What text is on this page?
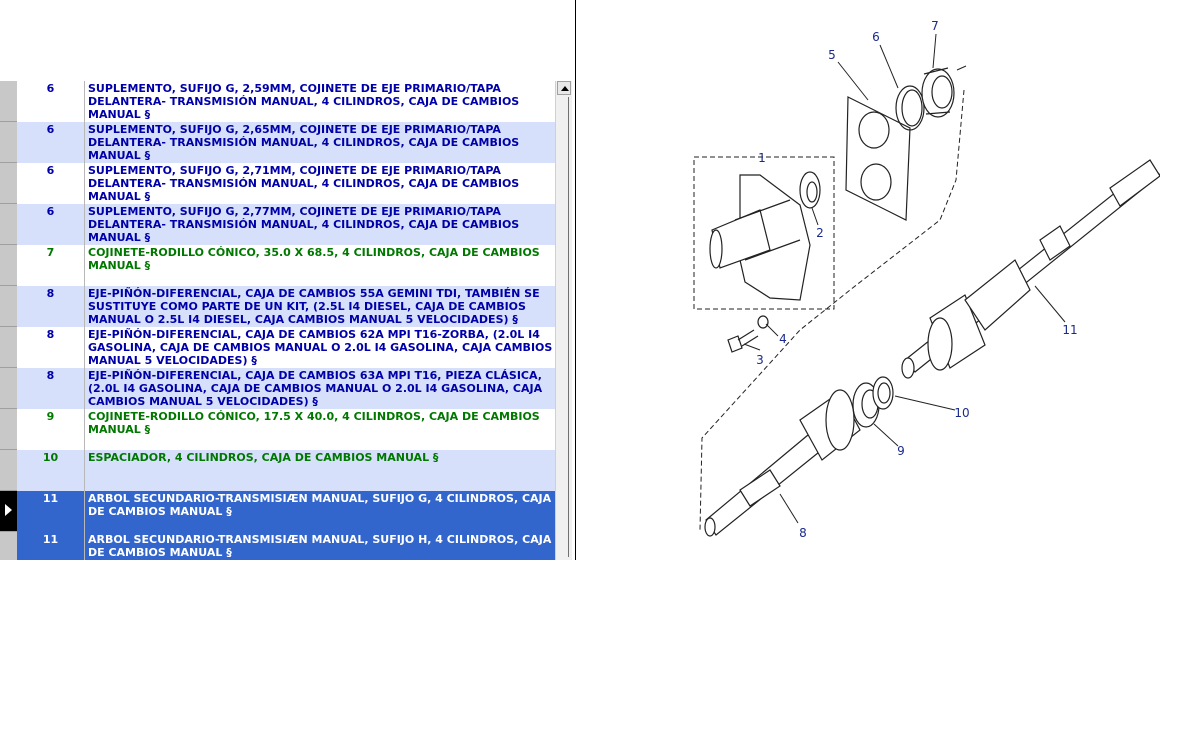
6	SUPLEMENTO, SUFIJO G, 2,59MM, COJINETE DE EJE PRIMARIO/TAPA DELANTERA- TRANSMISIÓN MANUAL, 4 CILINDROS, CAJA DE CAMBIOS MANUAL §
6	SUPLEMENTO, SUFIJO G, 2,65MM, COJINETE DE EJE PRIMARIO/TAPA DELANTERA- TRANSMISIÓN MANUAL, 4 CILINDROS, CAJA DE CAMBIOS MANUAL §
6	SUPLEMENTO, SUFIJO G, 2,71MM, COJINETE DE EJE PRIMARIO/TAPA DELANTERA- TRANSMISIÓN MANUAL, 4 CILINDROS, CAJA DE CAMBIOS MANUAL §
6	SUPLEMENTO, SUFIJO G, 2,77MM, COJINETE DE EJE PRIMARIO/TAPA DELANTERA- TRANSMISIÓN MANUAL, 4 CILINDROS, CAJA DE CAMBIOS MANUAL §
7	COJINETE-RODILLO CÓNICO, 35.0 X 68.5, 4 CILINDROS, CAJA DE CAMBIOS MANUAL §
8	EJE-PIÑÓN-DIFERENCIAL, CAJA DE CAMBIOS 55A GEMINI TDI, TAMBIÉN SE SUSTITUYE COMO PARTE DE UN KIT, (2.5L I4 DIESEL, CAJA DE CAMBIOS MANUAL O 2.5L I4 DIESEL, CAJA CAMBIOS MANUAL 5 VELOCIDADES) §
8	EJE-PIÑÓN-DIFERENCIAL, CAJA DE CAMBIOS 62A MPI T16-ZORBA, (2.0L I4 GASOLINA, CAJA DE CAMBIOS MANUAL O 2.0L I4 GASOLINA, CAJA CAMBIOS MANUAL 5 VELOCIDADES) §
8	EJE-PIÑÓN-DIFERENCIAL, CAJA DE CAMBIOS 63A MPI T16, PIEZA CLÁSICA, (2.0L I4 GASOLINA, CAJA DE CAMBIOS MANUAL O 2.0L I4 GASOLINA, CAJA CAMBIOS MANUAL 5 VELOCIDADES) §
9	COJINETE-RODILLO CÓNICO, 17.5 X 40.0, 4 CILINDROS, CAJA DE CAMBIOS MANUAL §
10	ESPACIADOR, 4 CILINDROS, CAJA DE CAMBIOS MANUAL §
11	ARBOL SECUNDARIO-TRANSMISIÆN MANUAL, SUFIJO G, 4 CILINDROS, CAJA DE CAMBIOS MANUAL §
11	ARBOL SECUNDARIO-TRANSMISIÆN MANUAL, SUFIJO H, 4 CILINDROS, CAJA DE CAMBIOS MANUAL §
1
2
3
4
5
6
7
8
9
10
11
